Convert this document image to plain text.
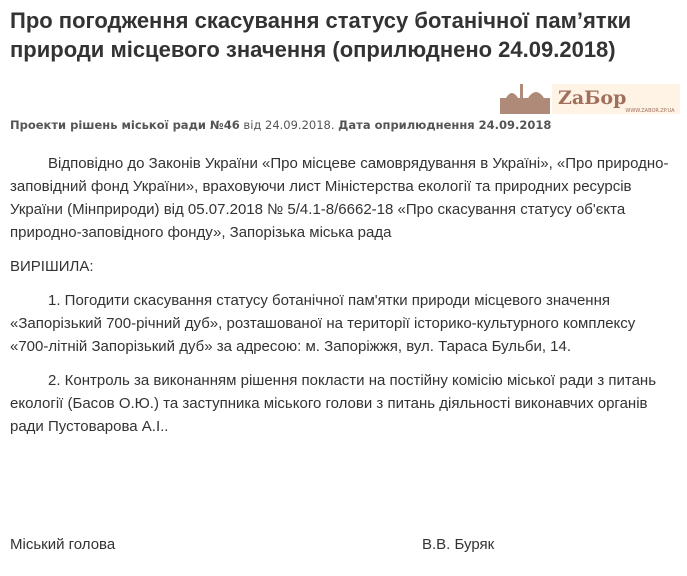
Про погодження скасування статусу ботанічної пам’ятки природи місцевого значення (оприлюднено 24.09.2018)
ZaБор
WWW.ZABOR.ZP.UA
Проекти рішень міської ради №46 від 24.09.2018. Дата оприлюднення 24.09.2018

Відповідно до Законів України «Про місцеве самоврядування в Україні», «Про природно-заповідний фонд України», враховуючи лист Міністерства екології та природних ресурсів України (Мінприроди) від 05.07.2018 № 5/4.1-8/6662-18 «Про скасування статусу об'єкта природно-заповідного фонду», Запорізька міська рада

ВИРІШИЛА:

1. Погодити скасування статусу ботанічної пам'ятки природи місцевого значення «Запорізький 700-річний дуб», розташованої на території історико-культурного комплексу «700-літній Запорізький дуб» за адресою: м. Запоріжжя, вул. Тараса Бульби, 14.

2. Контроль за виконанням рішення покласти на постійну комісію міської ради з питань екології (Басов О.Ю.) та заступника міського голови з питань діяльності виконавчих органів ради Пустоварова А.І..

Міський голова	В.В. Буряк
